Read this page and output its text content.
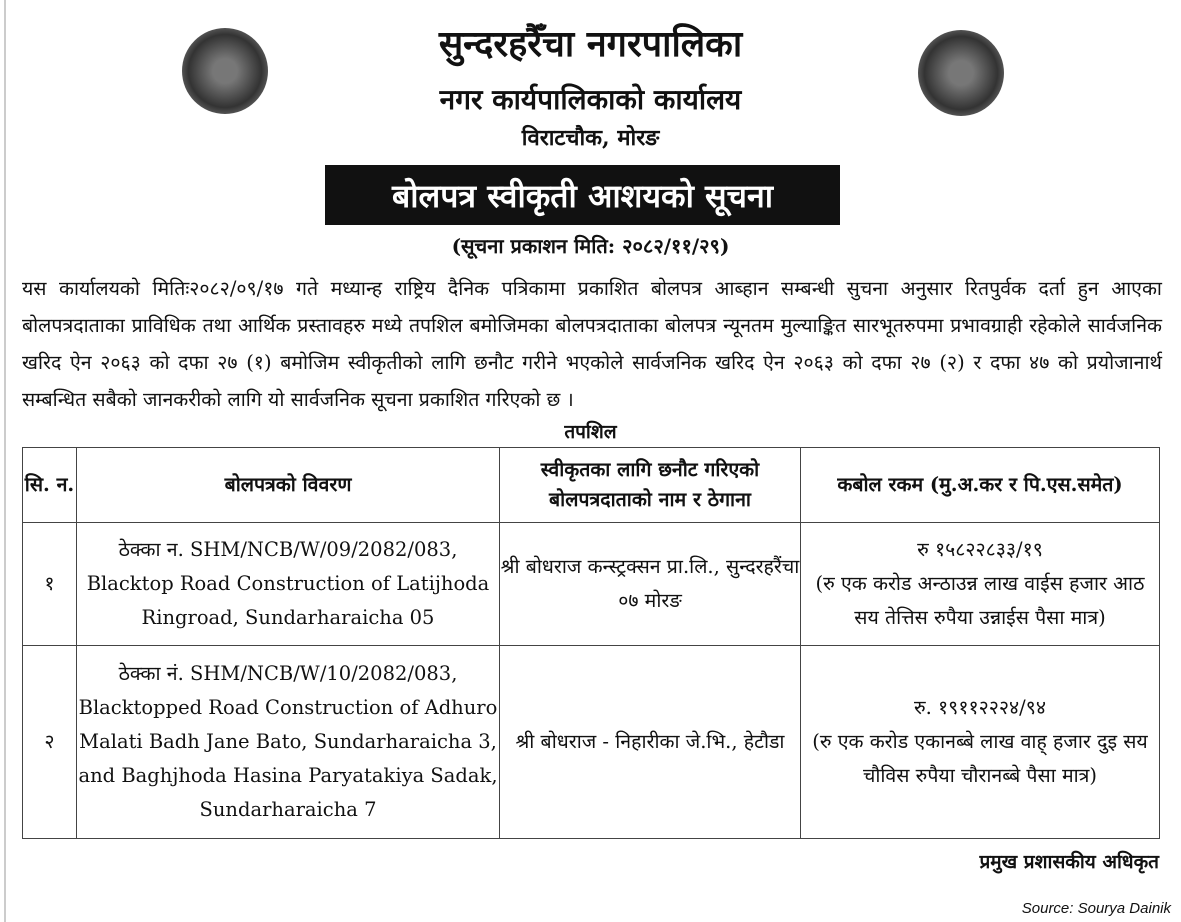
सुन्दरहरैँचा नगरपालिका
नगर कार्यपालिकाको कार्यालय
विराटचौक, मोरङ
बोलपत्र स्वीकृती आशयको सूचना
(सूचना प्रकाशन मिति: २०८२/११/२९)
यस कार्यालयको मितिः२०८२/०९/१७ गते मध्यान्ह राष्ट्रिय दैनिक पत्रिकामा प्रकाशित बोलपत्र आब्हान सम्बन्धी सुचना अनुसार रितपुर्वक दर्ता हुन आएका बोलपत्रदाताका प्राविधिक तथा आर्थिक प्रस्तावहरु मध्ये तपशिल बमोजिमका बोलपत्रदाताका बोलपत्र न्यूनतम मुल्याङ्कित सारभूतरुपमा प्रभावग्राही रहेकोले सार्वजनिक खरिद ऐन २०६३ को दफा २७ (१) बमोजिम स्वीकृतीको लागि छनौट गरीने भएकोले सार्वजनिक खरिद ऐन २०६३ को दफा २७ (२) र दफा ४७ को प्रयोजानार्थ सम्बन्धित सबैको जानकरीको लागि यो सार्वजनिक सूचना प्रकाशित गरिएको छ ।
तपशिल
सि. न.	बोलपत्रको विवरण	स्वीकृतका लागि छनौट गरिएको बोलपत्रदाताको नाम र ठेगाना	कबोल रकम (मु.अ.कर र पि.एस.समेत)
१	ठेक्का न. SHM/NCB/W/09/2082/083, Blacktop Road Construction of Latijhoda Ringroad, Sundarharaicha 05	श्री बोधराज कन्स्ट्रक्सन प्रा.लि., सुन्दरहरैंचा ०७ मोरङ	रु १५८२२८३३/१९
(रु एक करोड अन्ठाउन्न लाख वाईस हजार आठ सय तेत्तिस रुपैया उन्नाईस पैसा मात्र)

२	ठेक्का नं. SHM/NCB/W/10/2082/083, Blacktopped Road Construction of Adhuro Malati Badh Jane Bato, Sundarharaicha 3, and Baghjhoda Hasina Paryatakiya Sadak, Sundarharaicha 7	श्री बोधराज - निहारीका जे.भि., हेटौडा	रु. १९११२२२४/९४
(रु एक करोड एकानब्बे लाख वाह् हजार दुइ सय चौविस रुपैया चौरानब्बे पैसा मात्र)
प्रमुख प्रशासकीय अधिकृत
Source: Sourya Dainik
